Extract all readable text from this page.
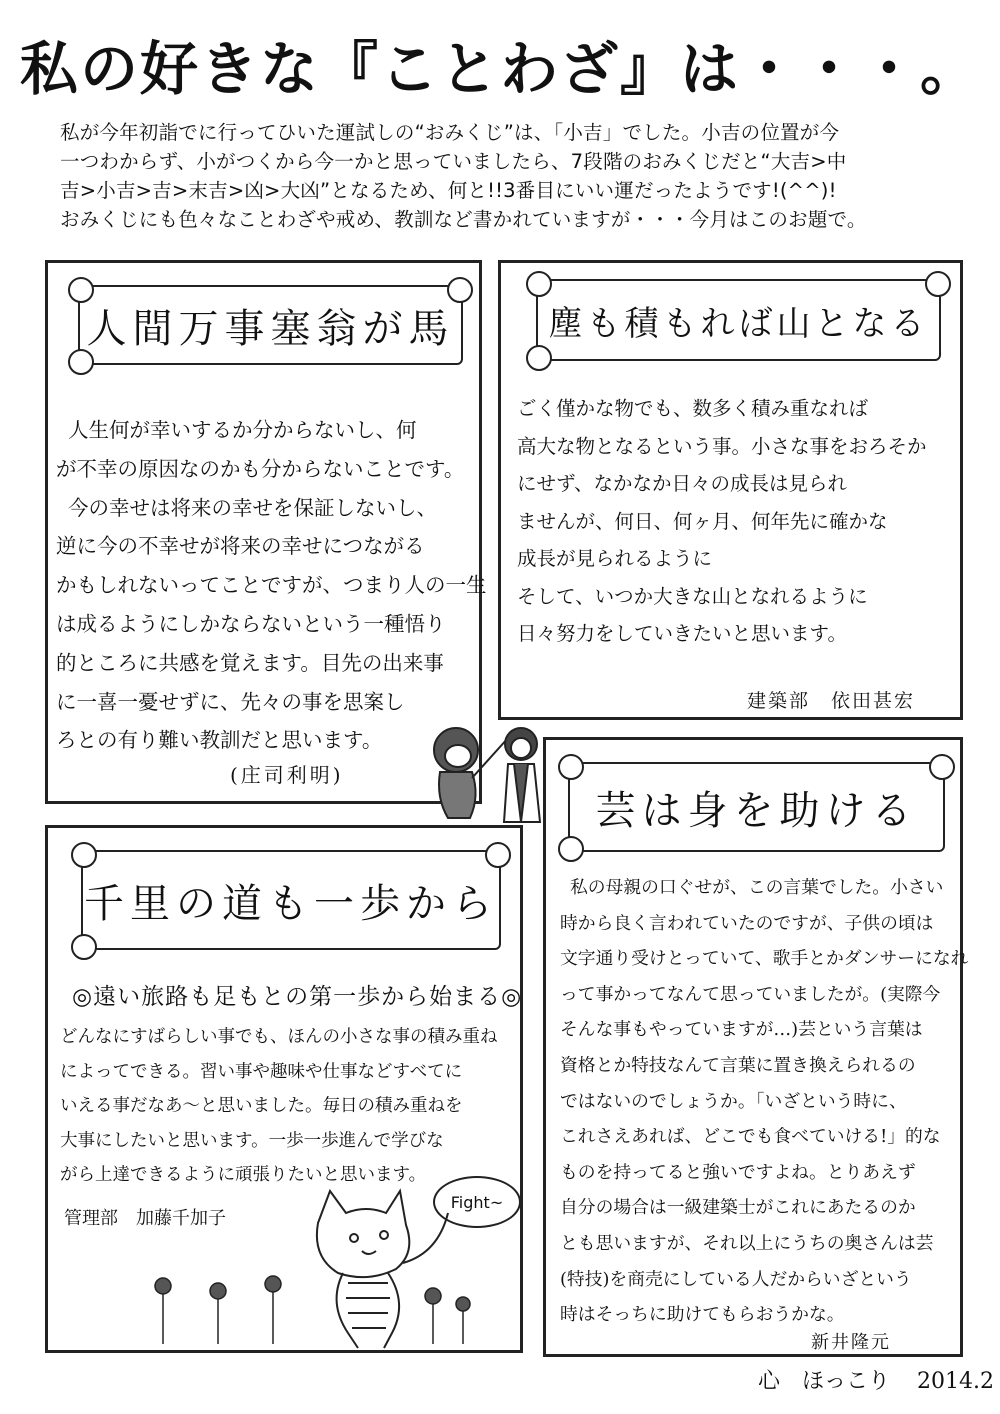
私の好きな『ことわざ』は・・・。

私が今年初詣でに行ってひいた運試しの“おみくじ”は、「小吉」でした。小吉の位置が今

一つわからず、小がつくから今一かと思っていましたら、7段階のおみくじだと“大吉>中

吉>小吉>吉>末吉>凶>大凶”となるため、何と!!3番目にいい運だったようです!(^^)!

おみくじにも色々なことわざや戒め、教訓など書かれていますが・・・今月はこのお題で。

人間万事塞翁が馬

人生何が幸いするか分からないし、何

が不幸の原因なのかも分からないことです。

今の幸せは将来の幸せを保証しないし、

逆に今の不幸せが将来の幸せにつながる

かもしれないってことですが、つまり人の一生

は成るようにしかならないという一種悟り

的ところに共感を覚えます。目先の出来事

に一喜一憂せずに、先々の事を思案し

ろとの有り難い教訓だと思います。

(庄司利明)
塵も積もれば山となる

ごく僅かな物でも、数多く積み重なれば

高大な物となるという事。小さな事をおろそか

にせず、なかなか日々の成長は見られ

ませんが、何日、何ヶ月、何年先に確かな

成長が見られるように

そして、いつか大きな山となれるように

日々努力をしていきたいと思います。

建築部　依田甚宏
芸は身を助ける

私の母親の口ぐせが、この言葉でした。小さい

時から良く言われていたのですが、子供の頃は

文字通り受けとっていて、歌手とかダンサーになれ

って事かってなんて思っていましたが。(実際今

そんな事もやっていますが…)芸という言葉は

資格とか特技なんて言葉に置き換えられるの

ではないのでしょうか。「いざという時に、

これさえあれば、どこでも食べていける!」的な

ものを持ってると強いですよね。とりあえず

自分の場合は一級建築士がこれにあたるのか

とも思いますが、それ以上にうちの奥さんは芸

(特技)を商売にしている人だからいざという

時はそっちに助けてもらおうかな。

新井隆元
千里の道も一歩から
◎遠い旅路も足もとの第一歩から始まる◎

どんなにすばらしい事でも、ほんの小さな事の積み重ね

によってできる。習い事や趣味や仕事などすべてに

いえる事だなあ〜と思いました。毎日の積み重ねを

大事にしたいと思います。一歩一歩進んで学びな

がら上達できるように頑張りたいと思います。

管理部　加藤千加子
Fight~
心　ほっこり 2014.2
